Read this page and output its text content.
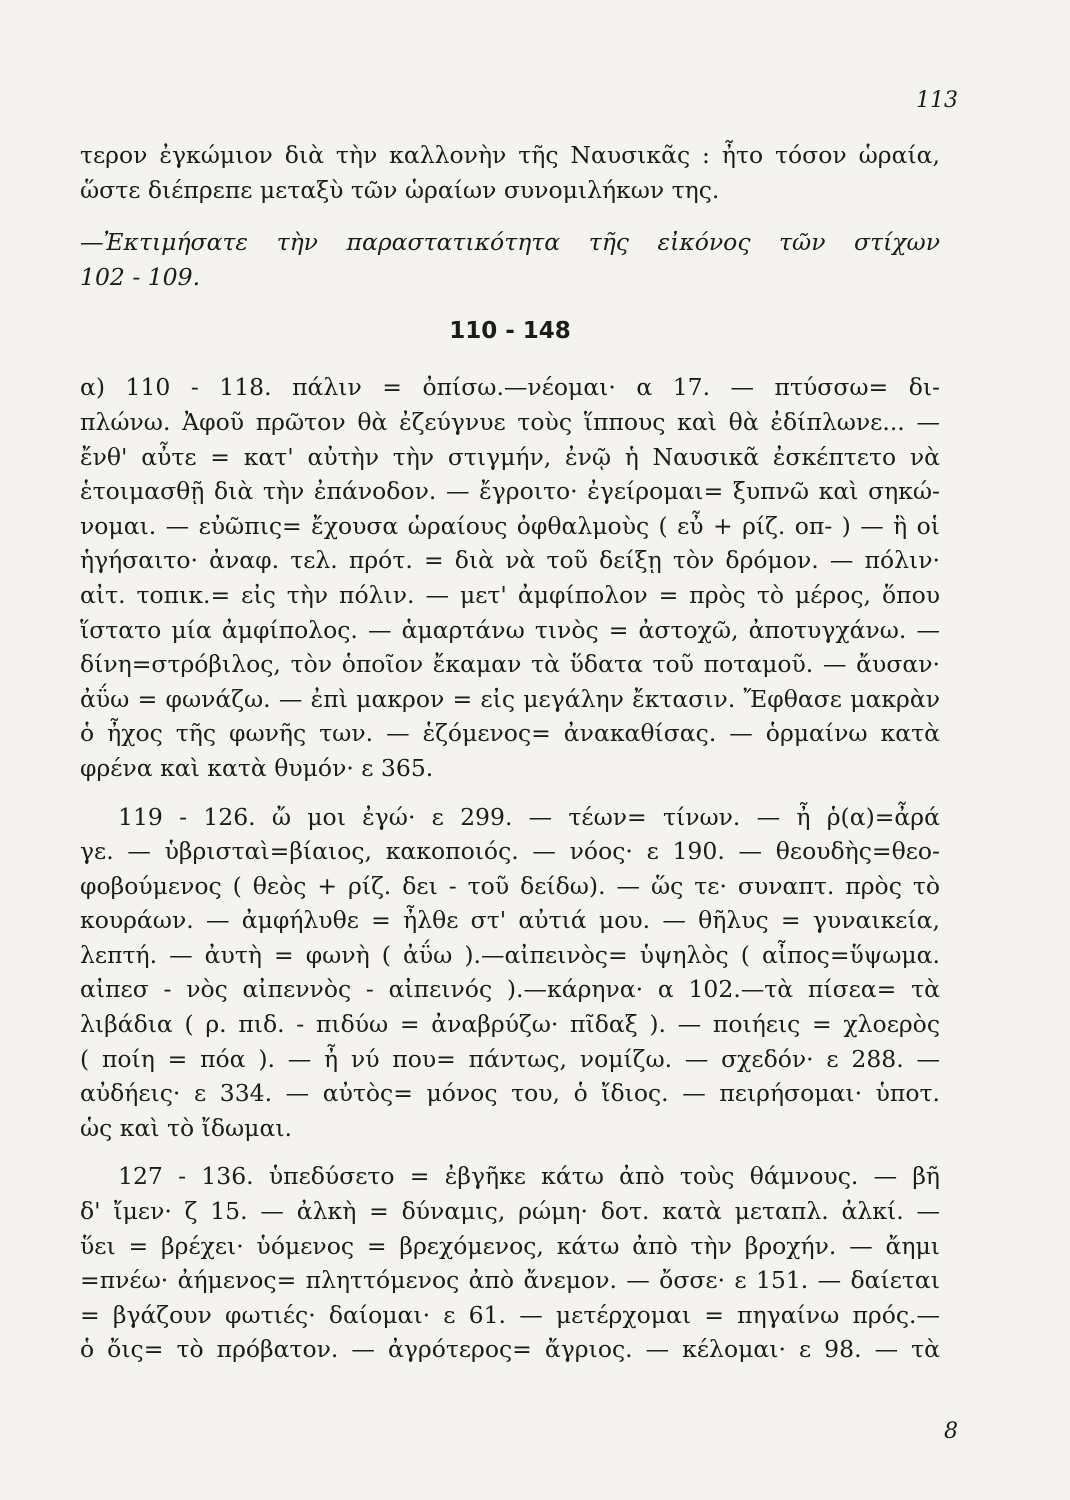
113
τερον ἐγκώμιον διὰ τὴν καλλονὴν τῆς Ναυσικᾶς : ἦτο τόσον ὡραία,
ὥστε διέπρεπε μεταξὺ τῶν ὡραίων συνομιλήκων της.
—Ἐκτιμήσατε τὴν παραστατικότητα τῆς εἰκόνος τῶν στίχων
102 - 109.
110 - 148
α) 110 - 118. πάλιν = ὀπίσω.—νέομαι· α 17. — πτύσσω= δι-
πλώνω. Ἀφοῦ πρῶτον θὰ ἐζεύγνυε τοὺς ἵππους καὶ θὰ ἐδίπλωνε... —
ἔνθ' αὖτε = κατ' αὐτὴν τὴν στιγμήν, ἐνῷ ἡ Ναυσικᾶ ἐσκέπτετο νὰ
ἑτοιμασθῇ διὰ τὴν ἐπάνοδον. — ἔγροιτο· ἐγείρομαι= ξυπνῶ καὶ σηκώ-
νομαι. — εὐῶπις= ἔχουσα ὡραίους ὀφθαλμοὺς ( εὖ + ρίζ. οπ- ) — ἣ οἱ
ἡγήσαιτο· ἀναφ. τελ. πρότ. = διὰ νὰ τοῦ δείξῃ τὸν δρόμον. — πόλιν·
αἰτ. τοπικ.= εἰς τὴν πόλιν. — μετ' ἀμφίπολον = πρὸς τὸ μέρος, ὅπου
ἵστατο μία ἀμφίπολος. — ἁμαρτάνω τινὸς = ἀστοχῶ, ἀποτυγχάνω. —
δίνη=στρόβιλος, τὸν ὁποῖον ἔκαμαν τὰ ὕδατα τοῦ ποταμοῦ. — ἄυσαν·
ἀΰω = φωνάζω. — ἐπὶ μακρον = εἰς μεγάλην ἔκτασιν. Ἔφθασε μακρὰν
ὁ ἦχος τῆς φωνῆς των. — ἑζόμενος= ἀνακαθίσας. — ὁρμαίνω κατὰ
φρένα καὶ κατὰ θυμόν· ε 365.
119 - 126. ὤ μοι ἐγώ· ε 299. — τέων= τίνων. — ἦ ῥ(α)=ἆρά
γε. — ὑβρισταὶ=βίαιος, κακοποιός. — νόος· ε 190. — θεουδὴς=θεο-
φοβούμενος ( θεὸς + ρίζ. δει - τοῦ δείδω). — ὥς τε· συναπτ. πρὸς τὸ
κουράων. — ἀμφήλυθε = ἦλθε στ' αὐτιά μου. — θῆλυς = γυναικεία,
λεπτή. — ἀυτὴ = φωνὴ ( ἀΰω ).—αἰπεινὸς= ὑψηλὸς ( αἶπος=ὕψωμα.
αἰπεσ - νὸς αἰπεννὸς - αἰπεινός ).—κάρηνα· α 102.—τὰ πίσεα= τὰ
λιβάδια ( ρ. πιδ. - πιδύω = ἀναβρύζω· πῖδαξ ). — ποιήεις = χλοερὸς
( ποίη = πόα ). — ἦ νύ που= πάντως, νομίζω. — σχεδόν· ε 288. —
αὐδήεις· ε 334. — αὐτὸς= μόνος του, ὁ ἴδιος. — πειρήσομαι· ὑποτ.
ὡς καὶ τὸ ἴδωμαι.
127 - 136. ὑπεδύσετο = ἐβγῆκε κάτω ἀπὸ τοὺς θάμνους. — βῆ
δ' ἴμεν· ζ 15. — ἀλκὴ = δύναμις, ρώμη· δοτ. κατὰ μεταπλ. ἀλκί. —
ὕει = βρέχει· ὑόμενος = βρεχόμενος, κάτω ἀπὸ τὴν βροχήν. — ἄημι
=πνέω· ἀήμενος= πληττόμενος ἀπὸ ἄνεμον. — ὄσσε· ε 151. — δαίεται
= βγάζουν φωτιές· δαίομαι· ε 61. — μετέρχομαι = πηγαίνω πρός.—
ὁ ὄις= τὸ πρόβατον. — ἀγρότερος= ἄγριος. — κέλομαι· ε 98. — τὰ
8
